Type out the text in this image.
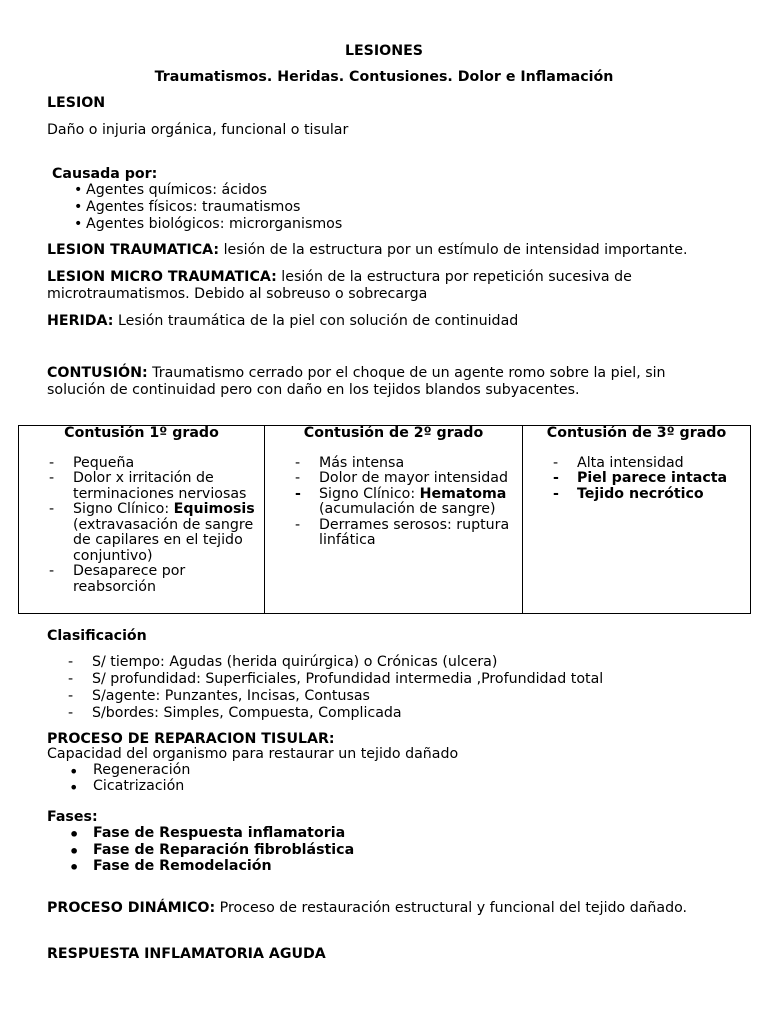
LESIONES
Traumatismos. Heridas. Contusiones. Dolor e Inflamación
LESION
Daño o injuria orgánica, funcional o tisular
Causada por:
• Agentes químicos: ácidos
• Agentes físicos: traumatismos
• Agentes biológicos: microrganismos
LESION TRAUMATICA: lesión de la estructura por un estímulo de intensidad importante.
LESION MICRO TRAUMATICA: lesión de la estructura por repetición sucesiva de
microtraumatismos. Debido al sobreuso o sobrecarga
HERIDA: Lesión traumática de la piel con solución de continuidad
CONTUSIÓN: Traumatismo cerrado por el choque de un agente romo sobre la piel, sin
solución de continuidad pero con daño en los tejidos blandos subyacentes.
Contusión 1º grado
- Pequeña
- Dolor x irritación de
terminaciones nerviosas
- Signo Clínico: Equimosis
(extravasación de sangre
de capilares en el tejido
conjuntivo)
- Desaparece por
reabsorción

Contusión de 2º grado
- Más intensa
- Dolor de mayor intensidad
- Signo Clínico: Hematoma
(acumulación de sangre)
- Derrames serosos: ruptura
linfática

Contusión de 3º grado
- Alta intensidad
- Piel parece intacta
- Tejido necrótico
Clasificación
- S/ tiempo: Agudas (herida quirúrgica) o Crónicas (ulcera)
- S/ profundidad: Superficiales, Profundidad intermedia ,Profundidad total
- S/agente: Punzantes, Incisas, Contusas
- S/bordes: Simples, Compuesta, Complicada
PROCESO DE REPARACION TISULAR:
Capacidad del organismo para restaurar un tejido dañado
• Regeneración
• Cicatrización
Fases:
• Fase de Respuesta inflamatoria
• Fase de Reparación fibroblástica
• Fase de Remodelación
PROCESO DINÁMICO: Proceso de restauración estructural y funcional del tejido dañado.
RESPUESTA INFLAMATORIA AGUDA
